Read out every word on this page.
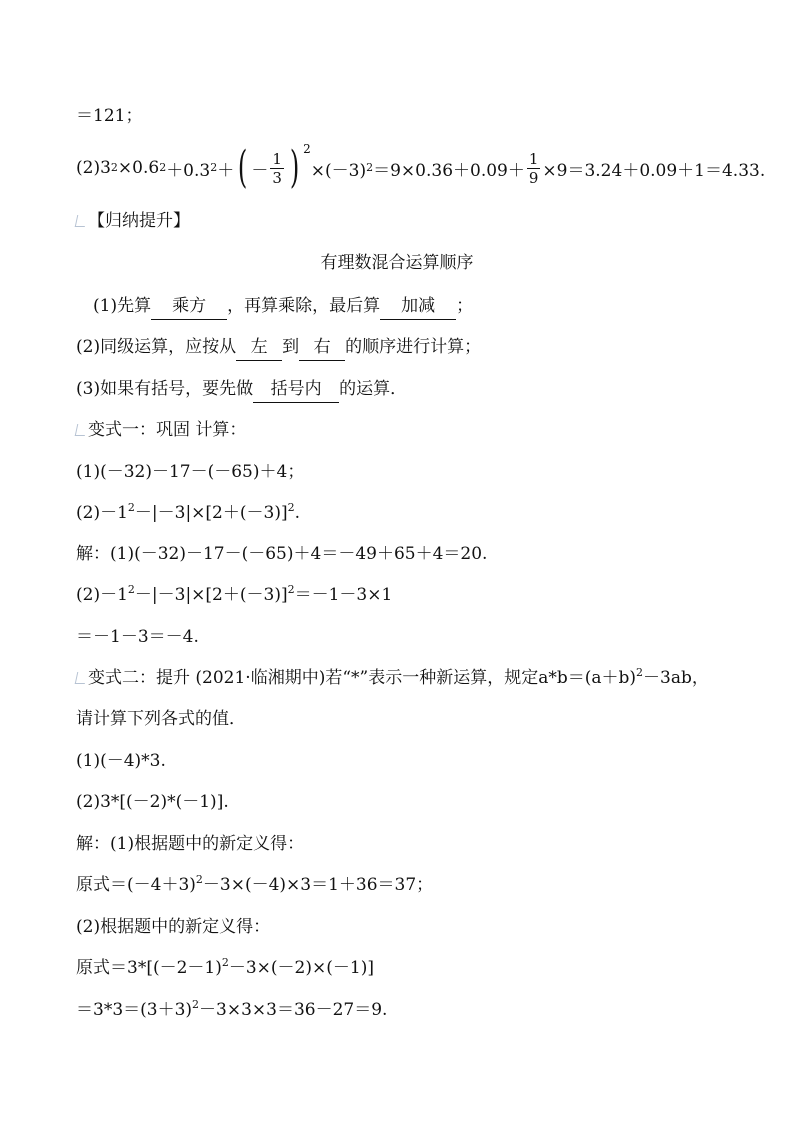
＝121；
(2)3 2 ×0.6 2 ＋0.3 2 ＋ ( － $\frac{1}{3}$ ) 2
×(－3) $2 =9\times 0.36+0.09+ \frac{1}{9} \times 9=3.24+0.09+1=4.33$.
【归纳提升】
有理数混合运算顺序
(1)先算 乘方 ，再算乘除，最后算 加减 ；
(2)同级运算，应按从 左 到 右 的顺序进行计算；
(3)如果有括号，要先做 括号内 的运算．
变式一：巩固 计算：
(1)(－32)－17－(－65)＋4；
$(2)-1^2-|-3|\times[2+(-3)]^2$.
解：(1)(－32)－17－(－65)＋4＝－49＋65＋4＝20.
$(2)-1^2-|-3|\times[2+(-3)]^2=-1-3\times 1$
＝－1－3＝－4.
变式二：提升 (2021·临湘期中)若“*”表示一种新运算，规定$a*b=(a+b)^2-3ab$，
请计算下列各式的值．
(1)(－4)*3.
(2)3*[(－2)*(－1)].
解：(1)根据题中的新定义得：
原式$=(-4+3)^2-3\times(-4)\times 3=1+36=37$；
(2)根据题中的新定义得：
原式$=3*[(-2-1)^2-3\times(-2)\times(-1)]$
$=3*3=(3+3)^2-3\times 3\times 3=36-27=9$.
